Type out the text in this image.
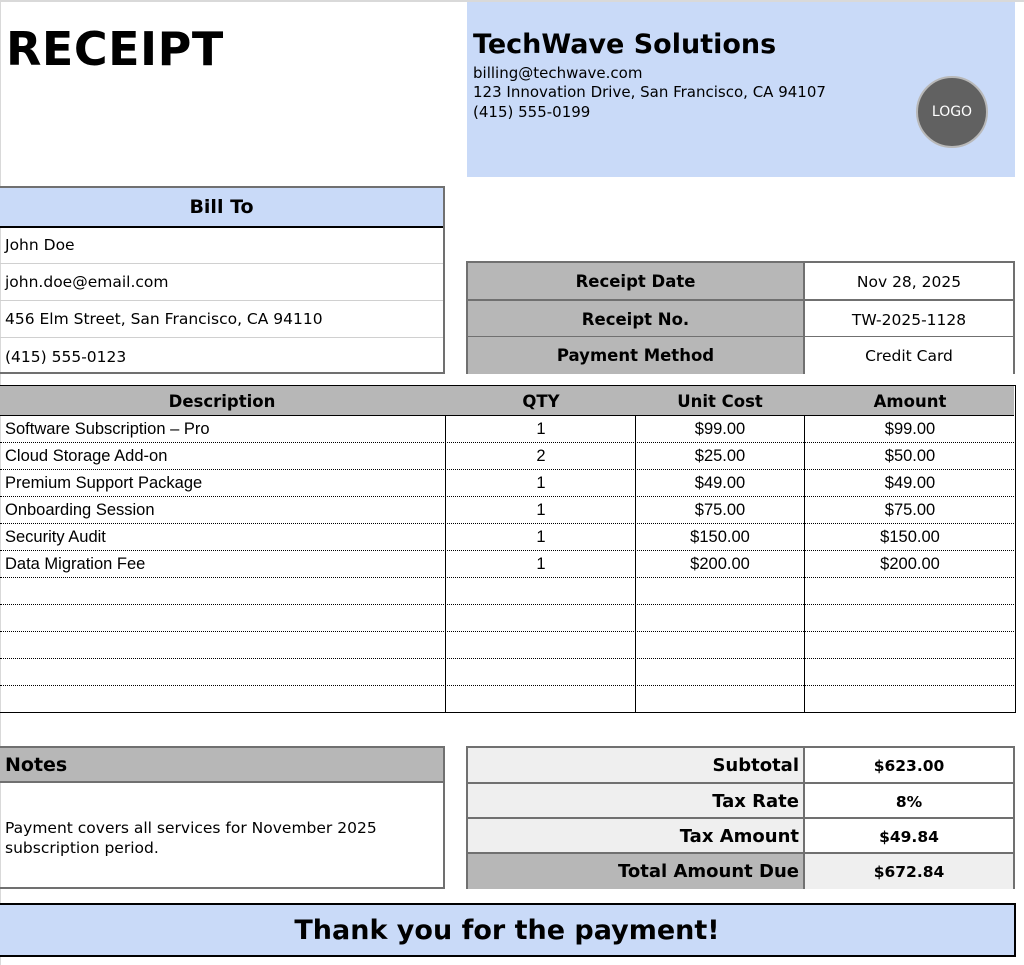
RECEIPT	TechWave Solutions
billing@techwave.com
123 Innovation Drive, San Francisco, CA 94107
(415) 555-0199	LOGO
Bill To
John Doe
john.doe@email.com
456 Elm Street, San Francisco, CA 94110
(415) 555-0123
Receipt Date	Nov 28, 2025
Receipt No.	TW-2025-1128
Payment Method	Credit Card
Description	QTY	Unit Cost	Amount
Software Subscription – Pro	1	$99.00	$99.00
Cloud Storage Add-on	2	$25.00	$50.00
Premium Support Package	1	$49.00	$49.00
Onboarding Session	1	$75.00	$75.00
Security Audit	1	$150.00	$150.00
Data Migration Fee	1	$200.00	$200.00
Notes
Payment covers all services for November 2025 subscription period.
Subtotal	$623.00
Tax Rate	8%
Tax Amount	$49.84
Total Amount Due	$672.84
Thank you for the payment!
